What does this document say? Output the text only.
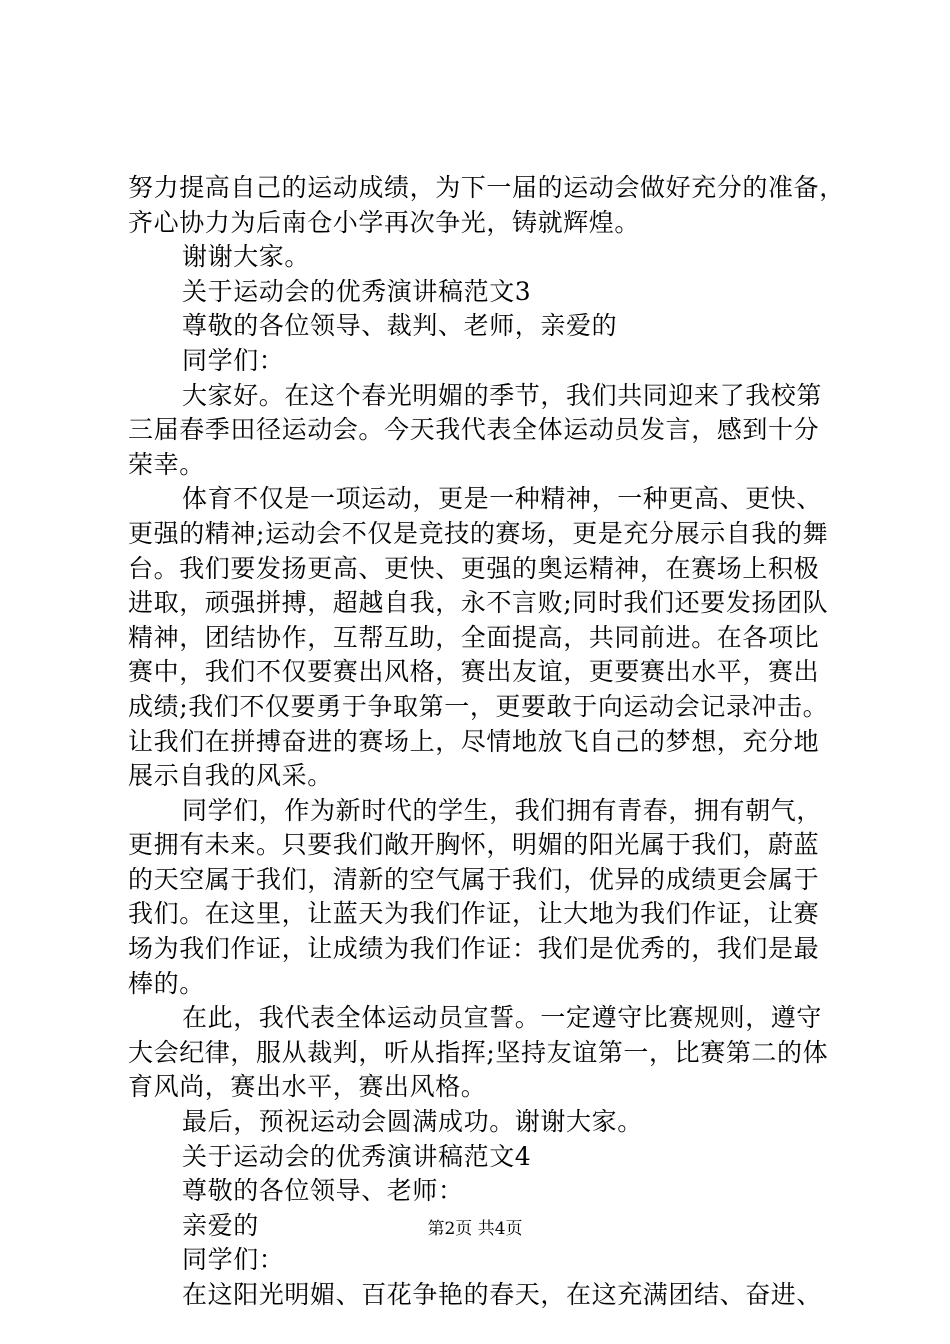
努力提高自己的运动成绩，为下一届的运动会做好充分的准备，
齐心协力为后南仓小学再次争光，铸就辉煌。
谢谢大家。
关于运动会的优秀演讲稿范文3
尊敬的各位领导、裁判、老师，亲爱的
同学们：
大家好。在这个春光明媚的季节，我们共同迎来了我校第
三届春季田径运动会。今天我代表全体运动员发言，感到十分
荣幸。
体育不仅是一项运动，更是一种精神，一种更高、更快、
更强的精神;运动会不仅是竞技的赛场，更是充分展示自我的舞
台。我们要发扬更高、更快、更强的奥运精神，在赛场上积极
进取，顽强拼搏，超越自我，永不言败;同时我们还要发扬团队
精神，团结协作，互帮互助，全面提高，共同前进。在各项比
赛中，我们不仅要赛出风格，赛出友谊，更要赛出水平，赛出
成绩;我们不仅要勇于争取第一，更要敢于向运动会记录冲击。
让我们在拼搏奋进的赛场上，尽情地放飞自己的梦想，充分地
展示自我的风采。
同学们，作为新时代的学生，我们拥有青春，拥有朝气，
更拥有未来。只要我们敞开胸怀，明媚的阳光属于我们，蔚蓝
的天空属于我们，清新的空气属于我们，优异的成绩更会属于
我们。在这里，让蓝天为我们作证，让大地为我们作证，让赛
场为我们作证，让成绩为我们作证：我们是优秀的，我们是最
棒的。
在此，我代表全体运动员宣誓。一定遵守比赛规则，遵守
大会纪律，服从裁判，听从指挥;坚持友谊第一，比赛第二的体
育风尚，赛出水平，赛出风格。
最后，预祝运动会圆满成功。谢谢大家。
关于运动会的优秀演讲稿范文4
尊敬的各位领导、老师：
亲爱的
同学们：
在这阳光明媚、百花争艳的春天，在这充满团结、奋进、
第2页 共4页
